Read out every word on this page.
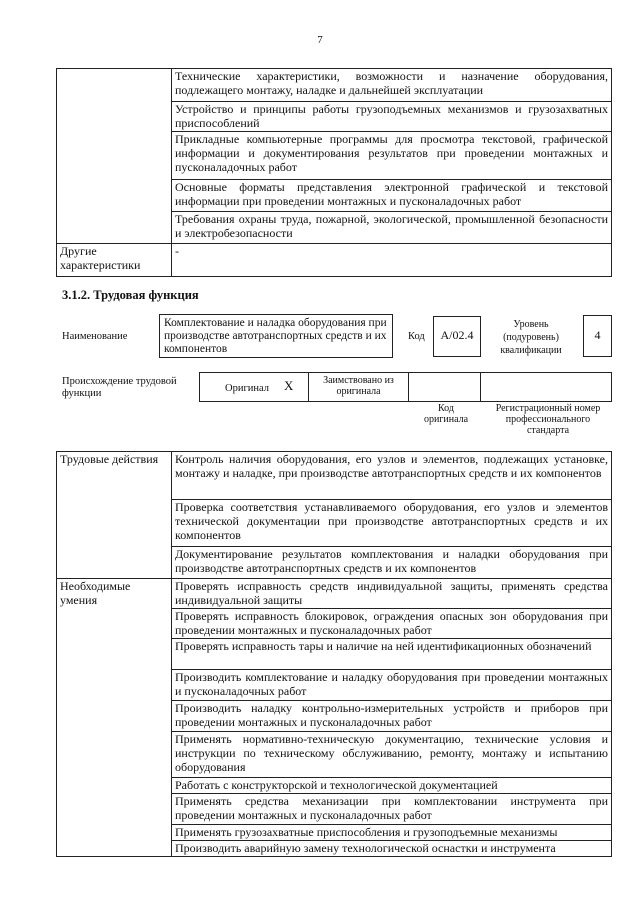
7
	Технические характеристики, возможности и назначение оборудования, подлежащего монтажу, наладке и дальнейшей эксплуатации
	Устройство и принципы работы грузоподъемных механизмов и грузозахватных приспособлений
	Прикладные компьютерные программы для просмотра текстовой, графической информации и документирования результатов при проведении монтажных и пусконаладочных работ
	Основные форматы представления электронной графической и текстовой информации при проведении монтажных и пусконаладочных работ
	Требования охраны труда, пожарной, экологической, промышленной безопасности и электробезопасности
Другие характеристики	-
3.1.2. Трудовая функция
Наименование
Комплектование и наладка оборудования при производстве автотранспортных средств и их компонентов
Код	A/02.4
Уровень (подуровень) квалификации
4
Происхождение трудовой функции	Оригинал X	Заимствовано из оригинала
Код оригинала
Регистрационный номер профессионального стандарта
Трудовые действия	Контроль наличия оборудования, его узлов и элементов, подлежащих установке, монтажу и наладке, при производстве автотранспортных средств и их компонентов
	Проверка соответствия устанавливаемого оборудования, его узлов и элементов технической документации при производстве автотранспортных средств и их компонентов
	Документирование результатов комплектования и наладки оборудования при производстве автотранспортных средств и их компонентов
Необходимые умения	Проверять исправность средств индивидуальной защиты, применять средства индивидуальной защиты
	Проверять исправность блокировок, ограждения опасных зон оборудования при проведении монтажных и пусконаладочных работ
	Проверять исправность тары и наличие на ней идентификационных обозначений
	Производить комплектование и наладку оборудования при проведении монтажных и пусконаладочных работ
	Производить наладку контрольно-измерительных устройств и приборов при проведении монтажных и пусконаладочных работ
	Применять нормативно-техническую документацию, технические условия и инструкции по техническому обслуживанию, ремонту, монтажу и испытанию оборудования
	Работать с конструкторской и технологической документацией
	Применять средства механизации при комплектовании инструмента при проведении монтажных и пусконаладочных работ
	Применять грузозахватные приспособления и грузоподъемные механизмы
	Производить аварийную замену технологической оснастки и инструмента
